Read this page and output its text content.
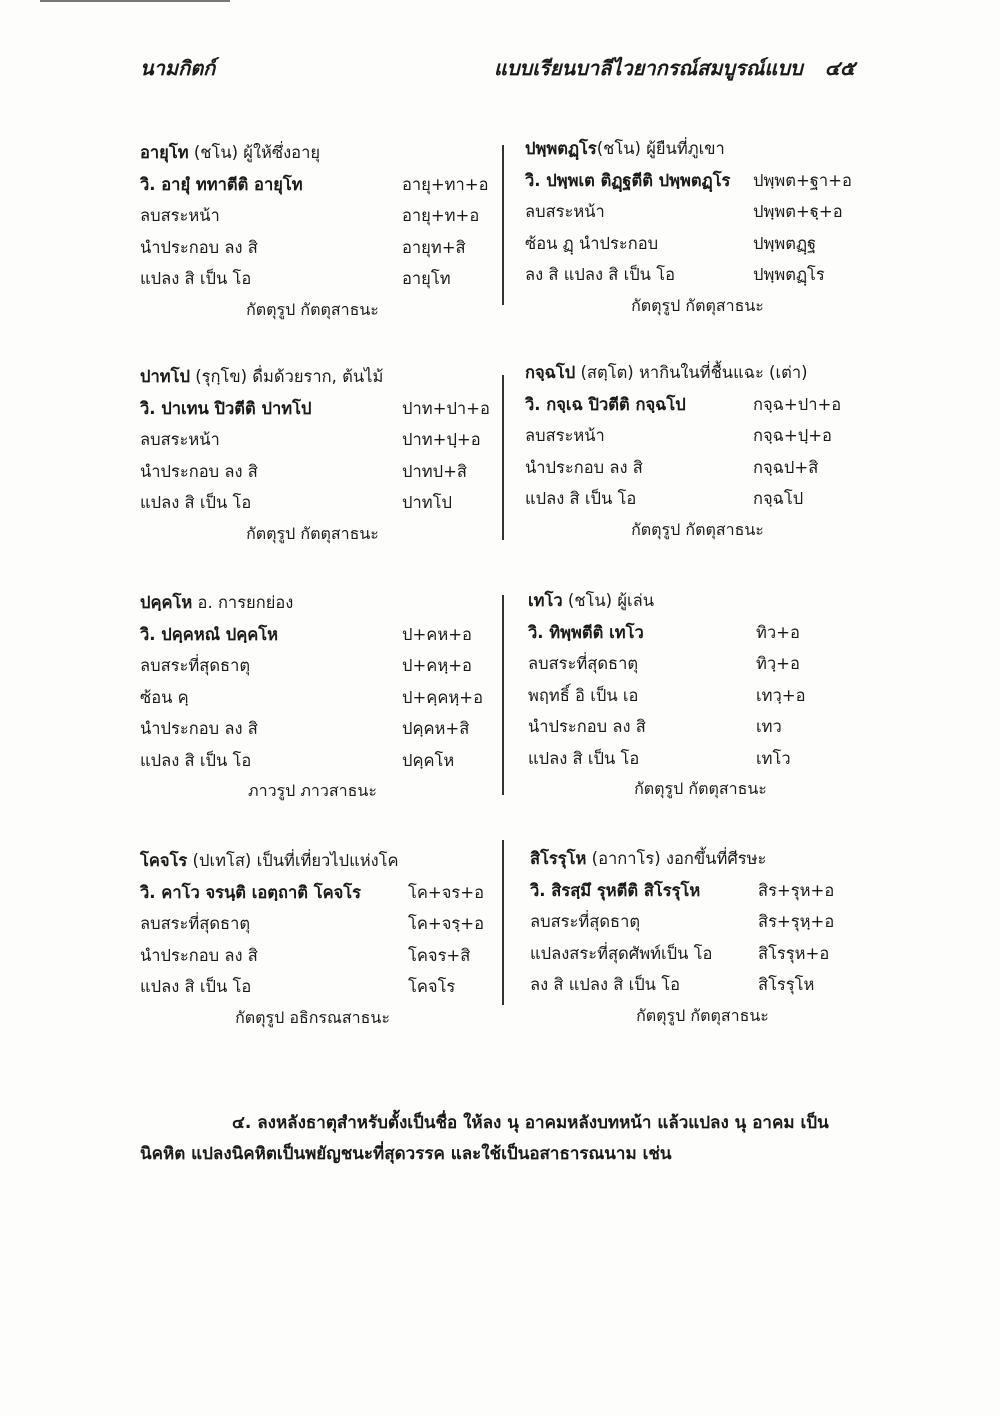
นามกิตก์	แบบเรียนบาลีไวยากรณ์สมบูรณ์แบบ ๔๕
อายุโท (ชโน) ผู้ให้ซึ่งอายุ
วิ. อายุํ ททาตีติ อายุโท	อายุ+ทา+อ
ลบสระหน้า	อายุ+ท+อ
นำประกอบ ลง สิ	อายุท+สิ
แปลง สิ เป็น โอ	อายุโท
กัตตุรูป กัตตุสาธนะ
ปพฺพตฏฺโร(ชโน) ผู้ยืนที่ภูเขา
วิ. ปพฺพเต ติฏฺฐตีติ ปพฺพตฏฺโร ปพฺพต+ฐา+อ
ลบสระหน้า	ปพฺพต+ฐฺ+อ
ซ้อน ฏฺ นำประกอบ	ปพฺพตฏฺฐ
ลง สิ แปลง สิ เป็น โอ	ปพฺพตฏฺโร
กัตตุรูป กัตตุสาธนะ
ปาทโป (รุกฺโข) ดื่มด้วยราก, ต้นไม้
วิ. ปาเทน ปิวตีติ ปาทโป	ปาท+ปา+อ
ลบสระหน้า	ปาท+ปฺ+อ
นำประกอบ ลง สิ	ปาทป+สิ
แปลง สิ เป็น โอ	ปาทโป
กัตตุรูป กัตตุสาธนะ
กจฺฉโป (สตฺโต) หากินในที่ชื้นแฉะ (เต่า)
วิ. กจฺเฉ ปิวตีติ กจฺฉโป	กจฺฉ+ปา+อ
ลบสระหน้า	กจฺฉ+ปฺ+อ
นำประกอบ ลง สิ	กจฺฉป+สิ
แปลง สิ เป็น โอ	กจฺฉโป
กัตตุรูป กัตตุสาธนะ
ปคฺคโห อ. การยกย่อง
วิ. ปคฺคหณํ ปคฺคโห	ป+คห+อ
ลบสระที่สุดธาตุ	ป+คหฺ+อ
ซ้อน คฺ	ป+คฺคหฺ+อ
นำประกอบ ลง สิ	ปคฺคห+สิ
แปลง สิ เป็น โอ	ปคฺคโห
ภาวรูป ภาวสาธนะ
เทโว (ชโน) ผู้เล่น
วิ. ทิพฺพตีติ เทโว	ทิว+อ
ลบสระที่สุดธาตุ	ทิวฺ+อ
พฤทธิ์ อิ เป็น เอ	เทวฺ+อ
นำประกอบ ลง สิ	เทว
แปลง สิ เป็น โอ	เทโว
กัตตุรูป กัตตุสาธนะ
โคจโร (ปเทโส) เป็นที่เที่ยวไปแห่งโค
วิ. คาโว จรนฺติ เอตฺถาติ โคจโร	โค+จร+อ
ลบสระที่สุดธาตุ	โค+จรฺ+อ
นำประกอบ ลง สิ	โคจร+สิ
แปลง สิ เป็น โอ	โคจโร
กัตตุรูป อธิกรณสาธนะ
สิโรรุโห (อากาโร) งอกขึ้นที่ศีรษะ
วิ. สิรสฺมึ รุหตีติ สิโรรุโห	สิร+รุห+อ
ลบสระที่สุดธาตุ	สิร+รุหฺ+อ
แปลงสระที่สุดศัพท์เป็น โอ	สิโรรุห+อ
ลง สิ แปลง สิ เป็น โอ	สิโรรุโห
กัตตุรูป กัตตุสาธนะ
๔. ลงหลังธาตุสำหรับตั้งเป็นชื่อ ให้ลง นุ อาคมหลังบทหน้า แล้วแปลง นุ อาคม เป็นนิคหิต แปลงนิคหิตเป็นพยัญชนะที่สุดวรรค และใช้เป็นอสาธารณนาม เช่น
